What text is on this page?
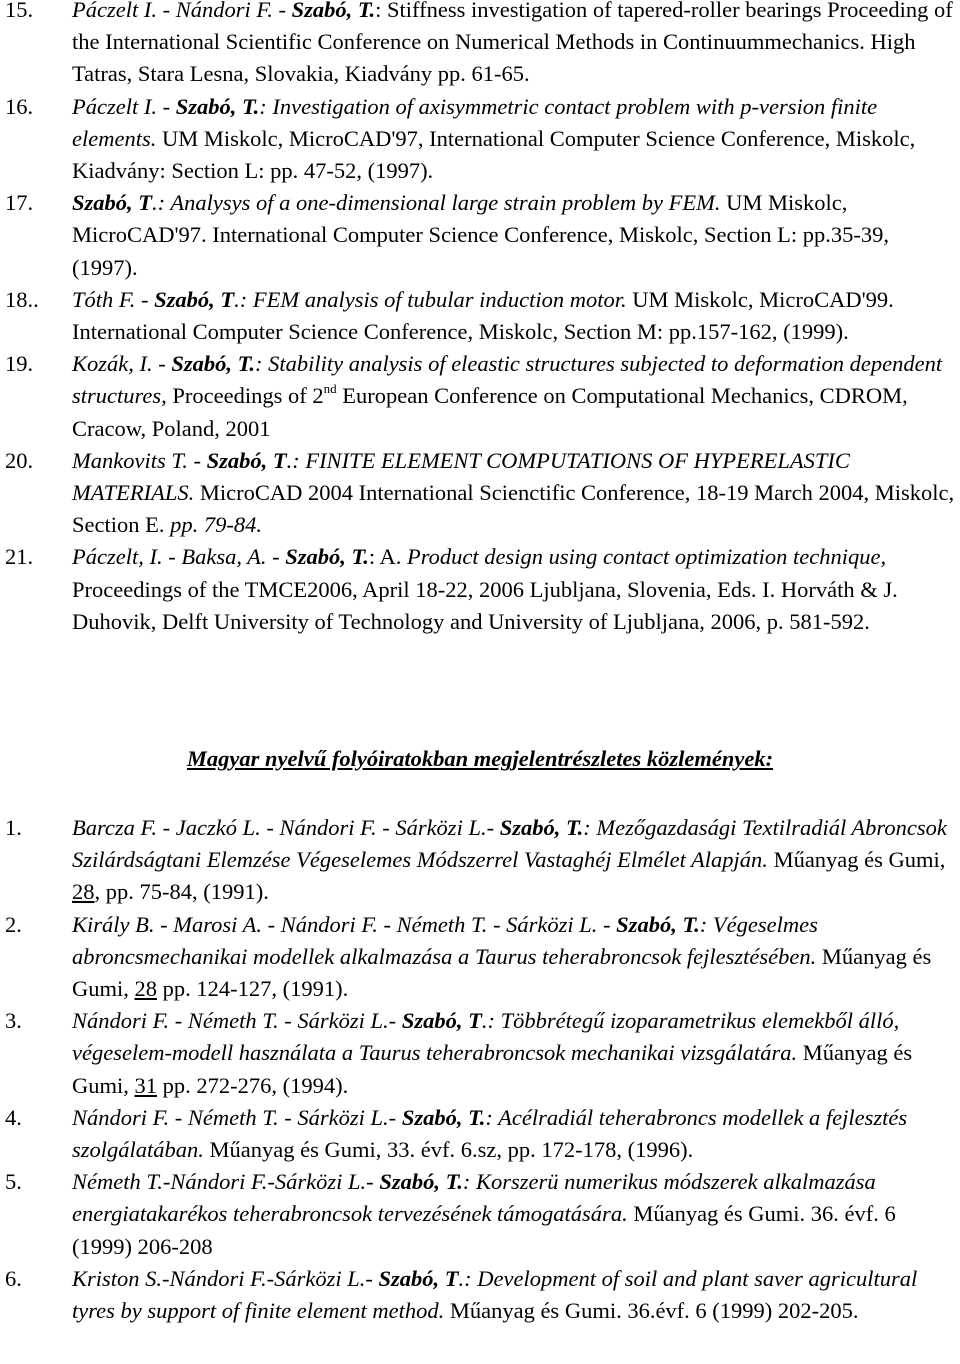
15.	Páczelt I. - Nándori F. - Szabó, T.: Stiffness investigation of tapered-roller bearings Proceeding of the International Scientific Conference on Numerical Methods in Continuummechanics. High Tatras, Stara Lesna, Slovakia, Kiadvány pp. 61-65.
16.	Páczelt I. - Szabó, T.: Investigation of axisymmetric contact problem with p-version finite elements. UM Miskolc, MicroCAD'97, International Computer Science Conference, Miskolc, Kiadvány: Section L: pp. 47-52, (1997).
17.	Szabó, T.: Analysys of a one-dimensional large strain problem by FEM. UM Miskolc, MicroCAD'97. International Computer Science Conference, Miskolc, Section L: pp.35-39, (1997).
18..	Tóth F. - Szabó, T.: FEM analysis of tubular induction motor. UM Miskolc, MicroCAD'99. International Computer Science Conference, Miskolc, Section M: pp.157-162, (1999).
19.	Kozák, I. - Szabó, T.: Stability analysis of eleastic structures subjected to deformation dependent structures, Proceedings of 2nd European Conference on Computational Mechanics, CDROM, Cracow, Poland, 2001
20.	Mankovits T. - Szabó, T.: FINITE ELEMENT COMPUTATIONS OF HYPERELASTIC MATERIALS. MicroCAD 2004 International Scienctific Conference, 18-19 March 2004, Miskolc, Section E. pp. 79-84.
21.	Páczelt, I. - Baksa, A. - Szabó, T.: A. Product design using contact optimization technique, Proceedings of the TMCE2006, April 18-22, 2006 Ljubljana, Slovenia, Eds. I. Horváth & J. Duhovik, Delft University of Technology and University of Ljubljana, 2006, p. 581-592.
Magyar nyelvű folyóiratokban megjelentrészletes közlemények:
1.	Barcza F. - Jaczkó L. - Nándori F. - Sárközi L.- Szabó, T.: Mezőgazdasági Textilradiál Abroncsok Szilárdságtani Elemzése Végeselemes Módszerrel Vastaghéj Elmélet Alapján. Műanyag és Gumi, 28, pp. 75-84, (1991).
2.	Király B. - Marosi A. - Nándori F. - Németh T. - Sárközi L. - Szabó, T.: Végeselmes abroncsmechanikai modellek alkalmazása a Taurus teherabroncsok fejlesztésében. Műanyag és Gumi, 28 pp. 124-127, (1991).
3.	Nándori F. - Németh T. - Sárközi L.- Szabó, T.: Többrétegű izoparametrikus elemekből álló, végeselem-modell használata a Taurus teherabroncsok mechanikai vizsgálatára. Műanyag és Gumi, 31 pp. 272-276, (1994).
4.	Nándori F. - Németh T. - Sárközi L.- Szabó, T.: Acélradiál teherabroncs modellek a fejlesztés szolgálatában. Műanyag és Gumi, 33. évf. 6.sz, pp. 172-178, (1996).
5.	Németh T.-Nándori F.-Sárközi L.- Szabó, T.: Korszerü numerikus módszerek alkalmazása energiatakarékos teherabroncsok tervezésének támogatására. Műanyag és Gumi. 36. évf. 6 (1999) 206-208
6.	Kriston S.-Nándori F.-Sárközi L.- Szabó, T.: Development of soil and plant saver agricultural tyres by support of finite element method. Műanyag és Gumi. 36.évf. 6 (1999) 202-205.
